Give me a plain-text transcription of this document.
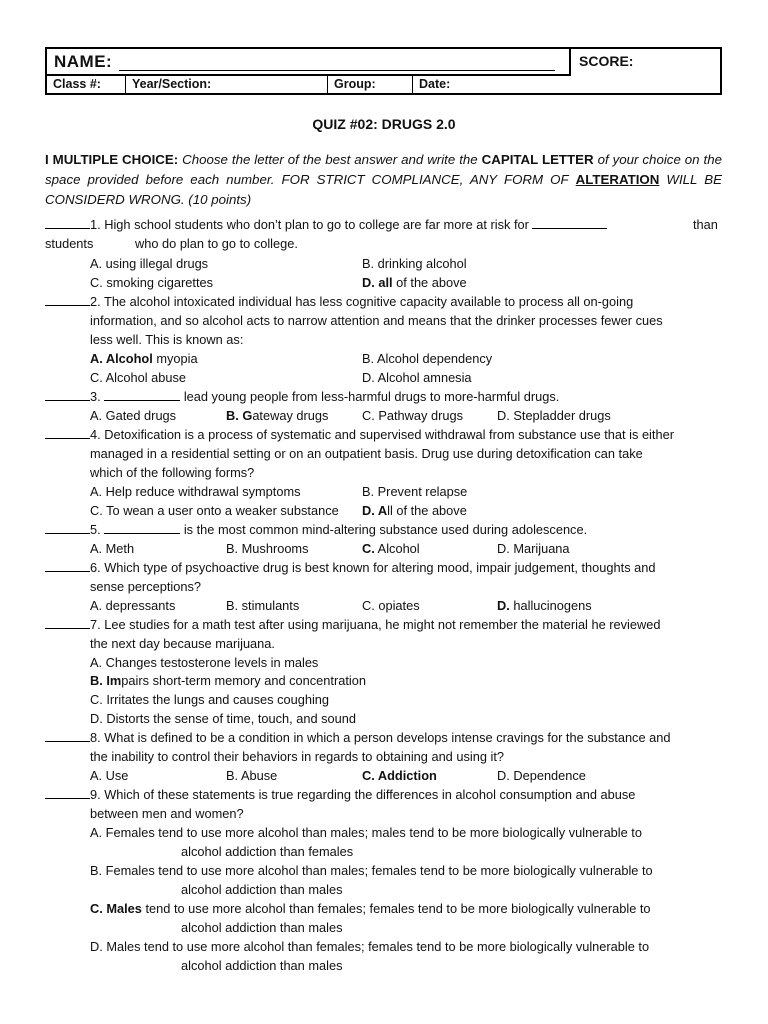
NAME:	SCORE:
Class #:	Year/Section:	Group:	Date:
QUIZ #02: DRUGS 2.0
I MULTIPLE CHOICE: Choose the letter of the best answer and write the CAPITAL LETTER of your choice on the space provided before each number. FOR STRICT COMPLIANCE, ANY FORM OF ALTERATION WILL BE CONSIDERD WRONG. (10 points)
1. High school students who don’t plan to go to college are far more at risk for	than
students	who do plan to go to college.
A. using illegal drugs	B. drinking alcohol
C. smoking cigarettes	D. all of the above
2. The alcohol intoxicated individual has less cognitive capacity available to process all on-going
information, and so alcohol acts to narrow attention and means that the drinker processes fewer cues
less well. This is known as:
A. Alcohol myopia	B. Alcohol dependency
C. Alcohol abuse	D. Alcohol amnesia
3.	lead young people from less-harmful drugs to more-harmful drugs.
A. Gated drugs	B. Gateway drugs	C. Pathway drugs	D. Stepladder drugs
4. Detoxification is a process of systematic and supervised withdrawal from substance use that is either
managed in a residential setting or on an outpatient basis. Drug use during detoxification can take
which of the following forms?
A. Help reduce withdrawal symptoms	B. Prevent relapse
C. To wean a user onto a weaker substance D. All of the above
5.	is the most common mind-altering substance used during adolescence.
A. Meth	B. Mushrooms	C. Alcohol	D. Marijuana
6. Which type of psychoactive drug is best known for altering mood, impair judgement, thoughts and
sense perceptions?
A. depressants	B. stimulants	C. opiates	D. hallucinogens
7. Lee studies for a math test after using marijuana, he might not remember the material he reviewed
the next day because marijuana.
A. Changes testosterone levels in males
B. Impairs short-term memory and concentration
C. Irritates the lungs and causes coughing
D. Distorts the sense of time, touch, and sound
8. What is defined to be a condition in which a person develops intense cravings for the substance and
the inability to control their behaviors in regards to obtaining and using it?
A. Use	B. Abuse	C. Addiction	D. Dependence
9. Which of these statements is true regarding the differences in alcohol consumption and abuse
between men and women?
A. Females tend to use more alcohol than males; males tend to be more biologically vulnerable to
alcohol addiction than females
B. Females tend to use more alcohol than males; females tend to be more biologically vulnerable to
alcohol addiction than males
C. Males tend to use more alcohol than females; females tend to be more biologically vulnerable to
alcohol addiction than males
D. Males tend to use more alcohol than females; females tend to be more biologically vulnerable to
alcohol addiction than males
